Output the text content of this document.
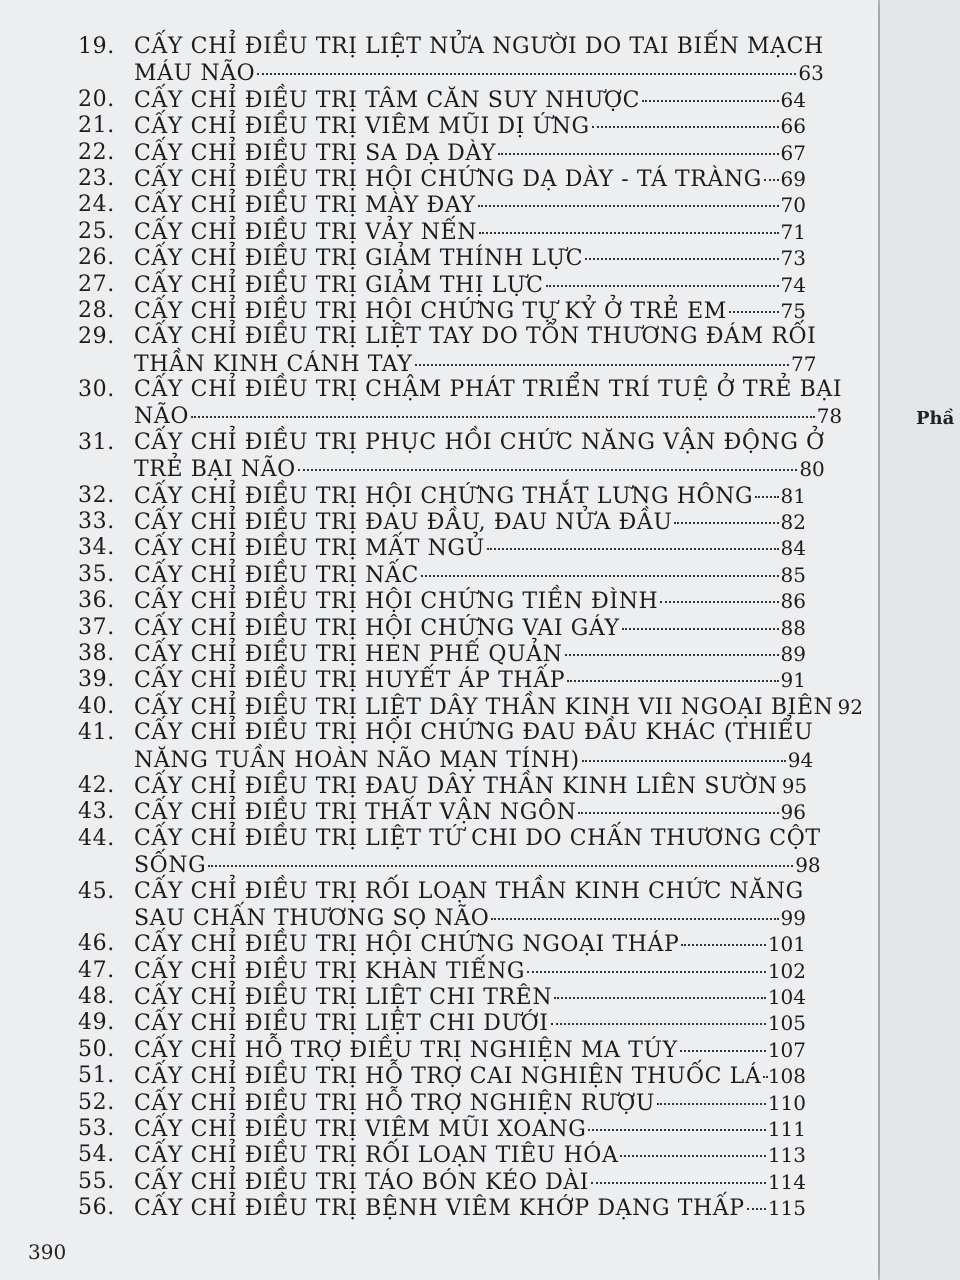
19. CẤY CHỈ ĐIỀU TRỊ LIỆT NỬA NGƯỜI DO TAI BIẾN MẠCH
MÁU NÃO	63
20. CẤY CHỈ ĐIỀU TRỊ TÂM CĂN SUY NHƯỢC	64
21. CẤY CHỈ ĐIỀU TRỊ VIÊM MŨI DỊ ỨNG	66
22. CẤY CHỈ ĐIỀU TRỊ SA DẠ DÀY	67
23. CẤY CHỈ ĐIỀU TRỊ HỘI CHỨNG DẠ DÀY - TÁ TRÀNG 69
24. CẤY CHỈ ĐIỀU TRỊ MÀY ĐAY	70
25. CẤY CHỈ ĐIỀU TRỊ VẢY NẾN	71
26. CẤY CHỈ ĐIỀU TRỊ GIẢM THÍNH LỰC	73
27. CẤY CHỈ ĐIỀU TRỊ GIẢM THỊ LỰC	74
28. CẤY CHỈ ĐIỀU TRỊ HỘI CHỨNG TỰ KỶ Ở TRẺ EM	75
29. CẤY CHỈ ĐIỀU TRỊ LIỆT TAY DO TỔN THƯƠNG ĐÁM RỐI
THẦN KINH CÁNH TAY	77
30. CẤY CHỈ ĐIỀU TRỊ CHẬM PHÁT TRIỂN TRÍ TUỆ Ở TRẺ BẠI
NÃO	78
31. CẤY CHỈ ĐIỀU TRỊ PHỤC HỒI CHỨC NĂNG VẬN ĐỘNG Ở
TRẺ BẠI NÃO	80
32. CẤY CHỈ ĐIỀU TRỊ HỘI CHỨNG THẮT LƯNG HÔNG 81
33. CẤY CHỈ ĐIỀU TRỊ ĐAU ĐẦU, ĐAU NỬA ĐẦU	82
34. CẤY CHỈ ĐIỀU TRỊ MẤT NGỦ	84
35. CẤY CHỈ ĐIỀU TRỊ NẤC	85
36. CẤY CHỈ ĐIỀU TRỊ HỘI CHỨNG TIỀN ĐÌNH	86
37. CẤY CHỈ ĐIỀU TRỊ HỘI CHỨNG VAI GÁY	88
38. CẤY CHỈ ĐIỀU TRỊ HEN PHẾ QUẢN	89
39. CẤY CHỈ ĐIỀU TRỊ HUYẾT ÁP THẤP	91
40. CẤY CHỈ ĐIỀU TRỊ LIỆT DÂY THẦN KINH VII NGOẠI BIÊN 92
41. CẤY CHỈ ĐIỀU TRỊ HỘI CHỨNG ĐAU ĐẦU KHÁC (THIỂU
NĂNG TUẦN HOÀN NÃO MẠN TÍNH)	94
42. CẤY CHỈ ĐIỀU TRỊ ĐAU DÂY THẦN KINH LIÊN SƯỜN 95
43. CẤY CHỈ ĐIỀU TRỊ THẤT VẬN NGÔN	96
44. CẤY CHỈ ĐIỀU TRỊ LIỆT TỨ CHI DO CHẤN THƯƠNG CỘT
SỐNG	98
45. CẤY CHỈ ĐIỀU TRỊ RỐI LOẠN THẦN KINH CHỨC NĂNG
SAU CHẤN THƯƠNG SỌ NÃO	99
46. CẤY CHỈ ĐIỀU TRỊ HỘI CHỨNG NGOẠI THÁP	101
47. CẤY CHỈ ĐIỀU TRỊ KHÀN TIẾNG	102
48. CẤY CHỈ ĐIỀU TRỊ LIỆT CHI TRÊN	104
49. CẤY CHỈ ĐIỀU TRỊ LIỆT CHI DƯỚI	105
50. CẤY CHỈ HỖ TRỢ ĐIỀU TRỊ NGHIỆN MA TÚY	107
51. CẤY CHỈ ĐIỀU TRỊ HỖ TRỢ CAI NGHIỆN THUỐC LÁ 108
52. CẤY CHỈ ĐIỀU TRỊ HỖ TRỢ NGHIỆN RƯỢU	110
53. CẤY CHỈ ĐIỀU TRỊ VIÊM MŨI XOANG	111
54. CẤY CHỈ ĐIỀU TRỊ RỐI LOẠN TIÊU HÓA	113
55. CẤY CHỈ ĐIỀU TRỊ TÁO BÓN KÉO DÀI	114
56. CẤY CHỈ ĐIỀU TRỊ BỆNH VIÊM KHỚP DẠNG THẤP 115
390
Phầ
